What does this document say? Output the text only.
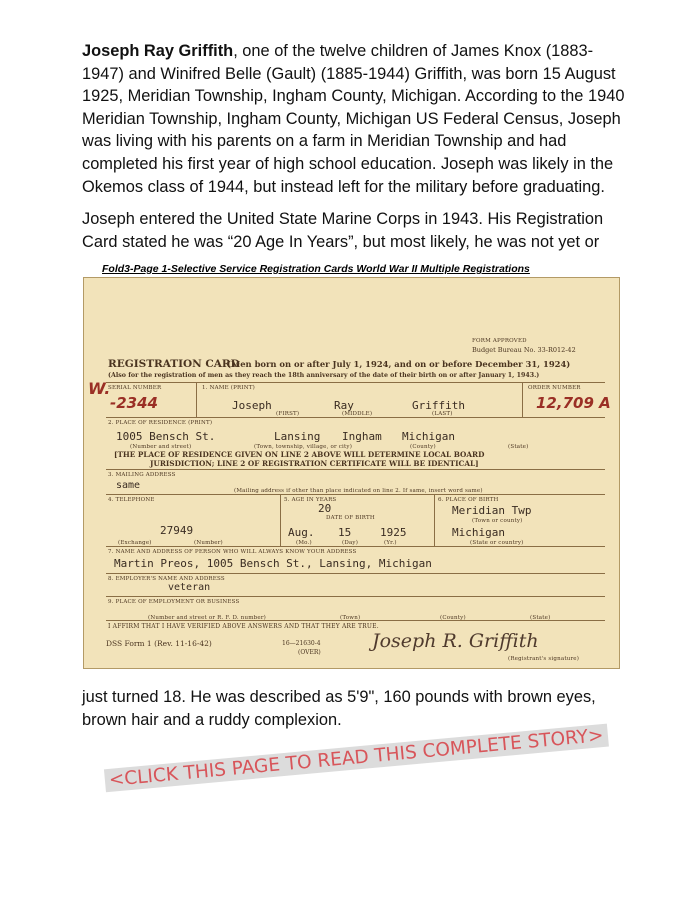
Joseph Ray Griffith, one of the twelve children of James Knox (1883-1947) and Winifred Belle (Gault) (1885-1944) Griffith, was born 15 August 1925, Meridian Township, Ingham County, Michigan. According to the 1940 Meridian Township, Ingham County, Michigan US Federal Census, Joseph was living with his parents on a farm in Meridian Township and had completed his first year of high school education. Joseph was likely in the Okemos class of 1944, but instead left for the military before graduating.

Joseph entered the United State Marine Corps in 1943. His Registration Card stated he was “20 Age In Years”, but most likely, he was not yet or

Fold3-Page 1-Selective Service Registration Cards World War II Multiple Registrations
FORM APPROVED
Budget Bureau No. 33-R012-42
REGISTRATION CARD
(Men born on or after July 1, 1924, and on or before December 31, 1924)
(Also for the registration of men as they reach the 18th anniversary of the date of their birth on or after January 1, 1943.)
SERIAL NUMBER	1. NAME (PRINT)	ORDER NUMBER
W.
-2344	Joseph	Ray	Griffith	12,709 A
(FIRST)	(MIDDLE)	(LAST)
2. PLACE OF RESIDENCE (PRINT)
1005 Bensch St.	Lansing Ingham Michigan
(Number and street)	(Town, township, village, or city)	(County)	(State)
[THE PLACE OF RESIDENCE GIVEN ON LINE 2 ABOVE WILL DETERMINE LOCAL BOARD
JURISDICTION; LINE 2 OF REGISTRATION CERTIFICATE WILL BE IDENTICAL]
3. MAILING ADDRESS
same	(Mailing address if other than place indicated on line 2. If same, insert word same)
4. TELEPHONE
27949
(Exchange)	(Number)
5. AGE IN YEARS
20
DATE OF BIRTH
Aug. 15	1925
(Mo.)	(Day)	(Yr.)
6. PLACE OF BIRTH
Meridian Twp
(Town or county)
Michigan
(State or country)
7. NAME AND ADDRESS OF PERSON WHO WILL ALWAYS KNOW YOUR ADDRESS
Martin Preos, 1005 Bensch St., Lansing, Michigan
8. EMPLOYER'S NAME AND ADDRESS
veteran
9. PLACE OF EMPLOYMENT OR BUSINESS
(Number and street or R. F. D. number)	(Town)	(County)	(State)
I AFFIRM THAT I HAVE VERIFIED ABOVE ANSWERS AND THAT THEY ARE TRUE.
DSS Form 1 (Rev. 11-16-42)	16—21630-4
(OVER)
Joseph R. Griffith
(Registrant's signature)

just turned 18. He was described as 5'9", 160 pounds with brown eyes, brown hair and a ruddy complexion.

<CLICK THIS PAGE TO READ THIS COMPLETE STORY>
